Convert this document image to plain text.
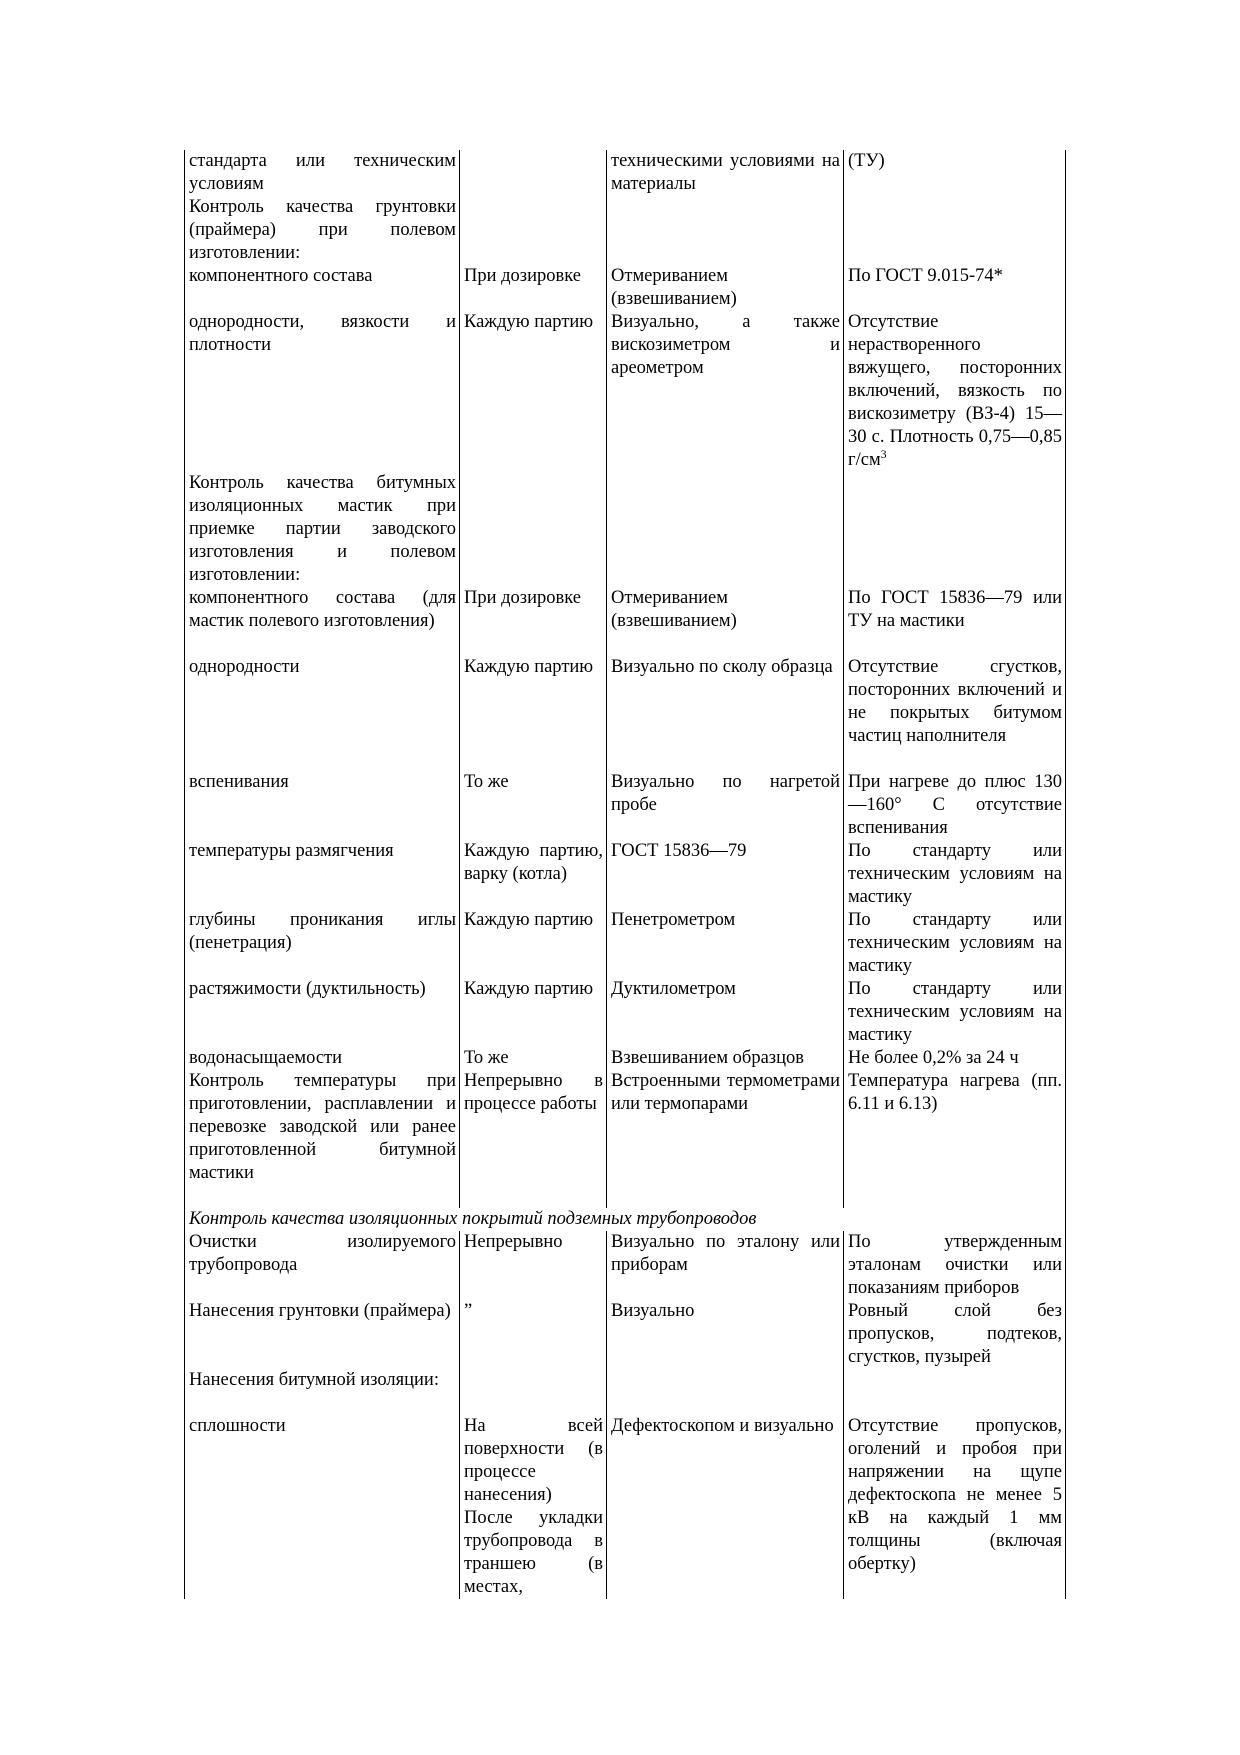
стандарта или техническим условиям		техническими условиями на материалы	(ТУ)
Контроль качества грунтовки (праймера) при полевом изготовлении:			
компонентного состава	При дозировке	Отмериванием (взвешиванием)	По ГОСТ 9.015-74*
однородности, вязкости и плотности	Каждую партию	Визуально, а также вискозиметром и ареометром	Отсутствие нерастворенного вяжущего, посторонних включений, вязкость по вискозиметру (ВЗ-4) 15—30 с. Плотность 0,75—0,85 $г/см^3$
Контроль качества битумных изоляционных мастик при приемке партии заводского изготовления и полевом изготовлении:			
компонентного состава (для мастик полевого изготовления)	При дозировке	Отмериванием (взвешиванием)	По ГОСТ 15836—79 или ТУ на мастики
однородности	Каждую партию	Визуально по сколу образца	Отсутствие сгустков, посторонних включений и не покрытых битумом частиц наполнителя
вспенивания	То же	Визуально по нагретой пробе	При нагреве до плюс 130—160° С отсутствие вспенивания
температуры размягчения	Каждую партию, варку (котла)	ГОСТ 15836—79	По стандарту или техническим условиям на мастику
глубины проникания иглы (пенетрация)	Каждую партию	Пенетрометром	По стандарту или техническим условиям на мастику
растяжимости (дуктильность)	Каждую партию	Дуктилометром	По стандарту или техническим условиям на мастику
водонасыщаемости	То же	Взвешиванием образцов	Не более 0,2% за 24 ч
Контроль температуры при приготовлении, расплавлении и перевозке заводской или ранее приготовленной битумной мастики	Непрерывно в процессе работы	Встроенными термометрами или термопарами	Температура нагрева (пп. 6.11 и 6.13)
Контроль качества изоляционных покрытий подземных трубопроводов			
Очистки изолируемого трубопровода	Непрерывно	Визуально по эталону или приборам	По утвержденным эталонам очистки или показаниям приборов
Нанесения грунтовки (праймера)	”	Визуально	Ровный слой без пропусков, подтеков, сгустков, пузырей
Нанесения битумной изоляции:			
сплошности	На всей поверхности (в процессе нанесения) После укладки трубопровода в траншею (в местах,	Дефектоскопом и визуально	Отсутствие пропусков, оголений и пробоя при напряжении на щупе дефектоскопа не менее 5 кВ на каждый 1 мм толщины (включая обертку)
